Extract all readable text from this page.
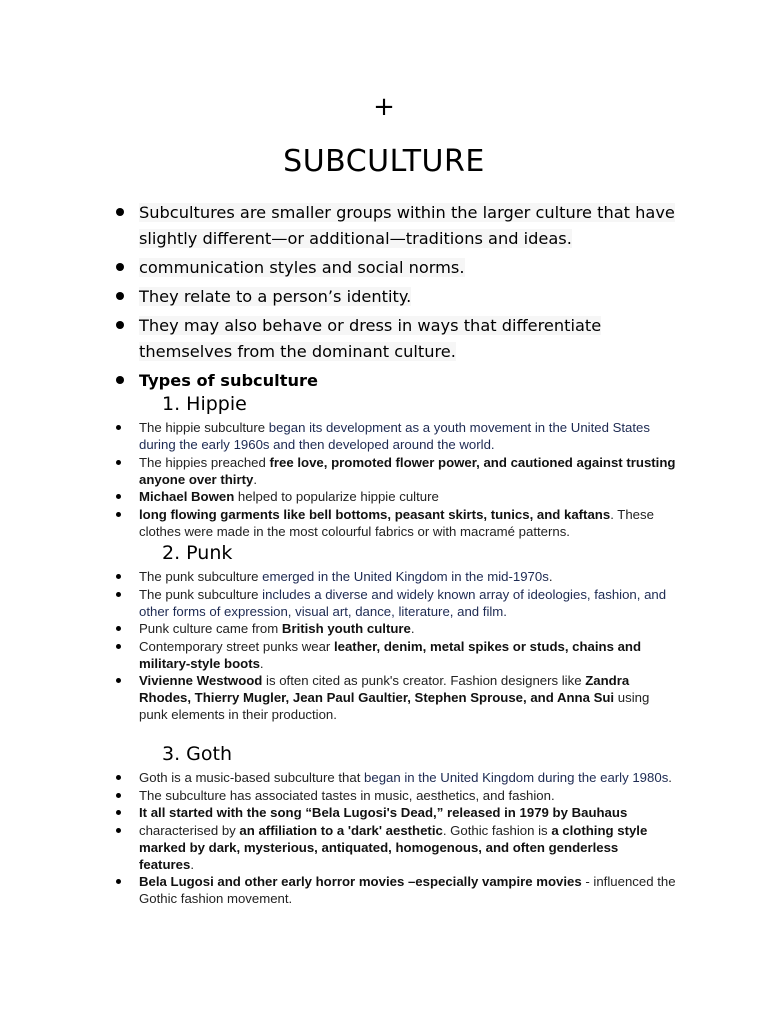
+
SUBCULTURE
Subcultures are smaller groups within the larger culture that have slightly different—or additional—traditions and ideas.
communication styles and social norms.
They relate to a person’s identity.
They may also behave or dress in ways that differentiate themselves from the dominant culture.
Types of subculture
1. Hippie
The hippie subculture began its development as a youth movement in the United States during the early 1960s and then developed around the world.
The hippies preached free love, promoted flower power, and cautioned against trusting anyone over thirty.
Michael Bowen helped to popularize hippie culture
long flowing garments like bell bottoms, peasant skirts, tunics, and kaftans. These clothes were made in the most colourful fabrics or with macramé patterns.
2. Punk
The punk subculture emerged in the United Kingdom in the mid-1970s.
The punk subculture includes a diverse and widely known array of ideologies, fashion, and other forms of expression, visual art, dance, literature, and film.
Punk culture came from British youth culture.
Contemporary street punks wear leather, denim, metal spikes or studs, chains and military-style boots.
Vivienne Westwood is often cited as punk's creator. Fashion designers like Zandra Rhodes, Thierry Mugler, Jean Paul Gaultier, Stephen Sprouse, and Anna Sui using punk elements in their production.
3. Goth
Goth is a music-based subculture that began in the United Kingdom during the early 1980s.
The subculture has associated tastes in music, aesthetics, and fashion.
It all started with the song “Bela Lugosi's Dead,” released in 1979 by Bauhaus
characterised by an affiliation to a 'dark' aesthetic. Gothic fashion is a clothing style marked by dark, mysterious, antiquated, homogenous, and often genderless features.
Bela Lugosi and other early horror movies –especially vampire movies - influenced the Gothic fashion movement.
